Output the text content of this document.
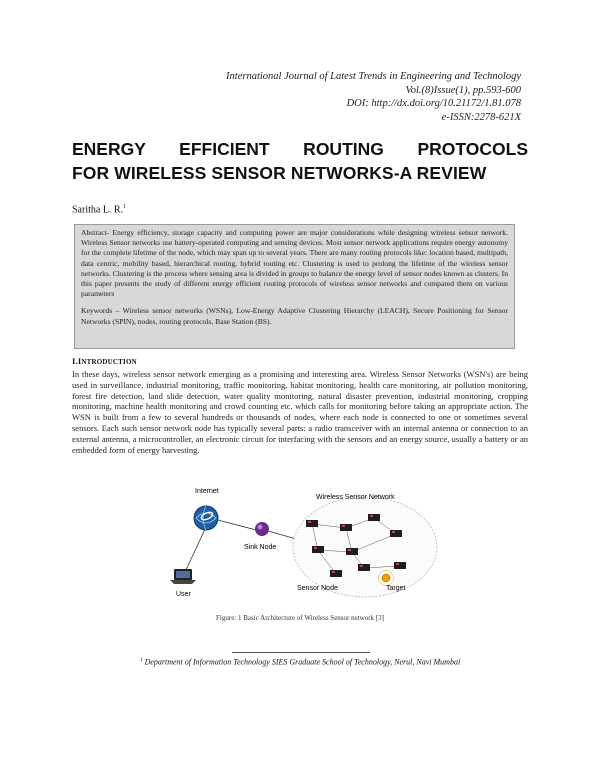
International Journal of Latest Trends in Engineering and Technology
Vol.(8)Issue(1), pp.593-600
DOI: http://dx.doi.org/10.21172/1.81.078
e-ISSN:2278-621X
ENERGY EFFICIENT ROUTING PROTOCOLS
FOR WIRELESS SENSOR NETWORKS-A REVIEW
Saritha L. R.$^1$

Abstract- Energy efficiency, storage capacity and computing power are major considerations while designing wireless sensor network. Wireless Sensor networks use battery-operated computing and sensing devices. Most sensor network applications require energy autonomy for the complete lifetime of the node, which may span up to several years. There are many routing protocols like: location based, multipath, data centric, mobility based, hierarchical routing, hybrid routing etc. Clustering is used to prolong the lifetime of the wireless sensor networks. Clustering is the process where sensing area is divided in groups to balance the energy level of sensor nodes known as clusters. In this paper presents the study of different energy efficient routing protocols of wireless sensor networks and compared them on various parameters

Keywords – Wireless sensor networks (WSNs), Low-Energy Adaptive Clustering Hierarchy (LEACH), Secure Positioning for Sensor Networks (SPIN), nodes, routing protocols, Base Station (BS).

I.INTRODUCTION

In these days, wireless sensor network emerging as a promising and interesting area. Wireless Sensor Networks (WSN's) are being used in surveillance, industrial monitoring, traffic monitoring, habitat monitoring, health care monitoring, air pollution monitoring, forest fire detection, land slide detection, water quality monitoring, natural disaster prevention, industrial monitoring, cropping monitoring, machine health monitoring and crowd counting etc. which calls for monitoring before taking an appropriate action. The WSN is built from a few to several hundreds or thousands of nodes, where each node is connected to one or sometimes several sensors. Each such sensor network node has typically several parts: a radio transceiver with an internal antenna or connection to an external antenna, a microcontroller, an electronic circuit for interfacing with the sensors and an energy source, usually a battery or an embedded form of energy harvesting.

Internet
Sink Node
User
Wireless Sensor Network
Sensor Node	Target
Figure: 1 Basic Architecture of Wireless Sensor network [3]
$^1$ Department of Information Technology SIES Graduate School of Technology, Nerul, Navi Mumbai
